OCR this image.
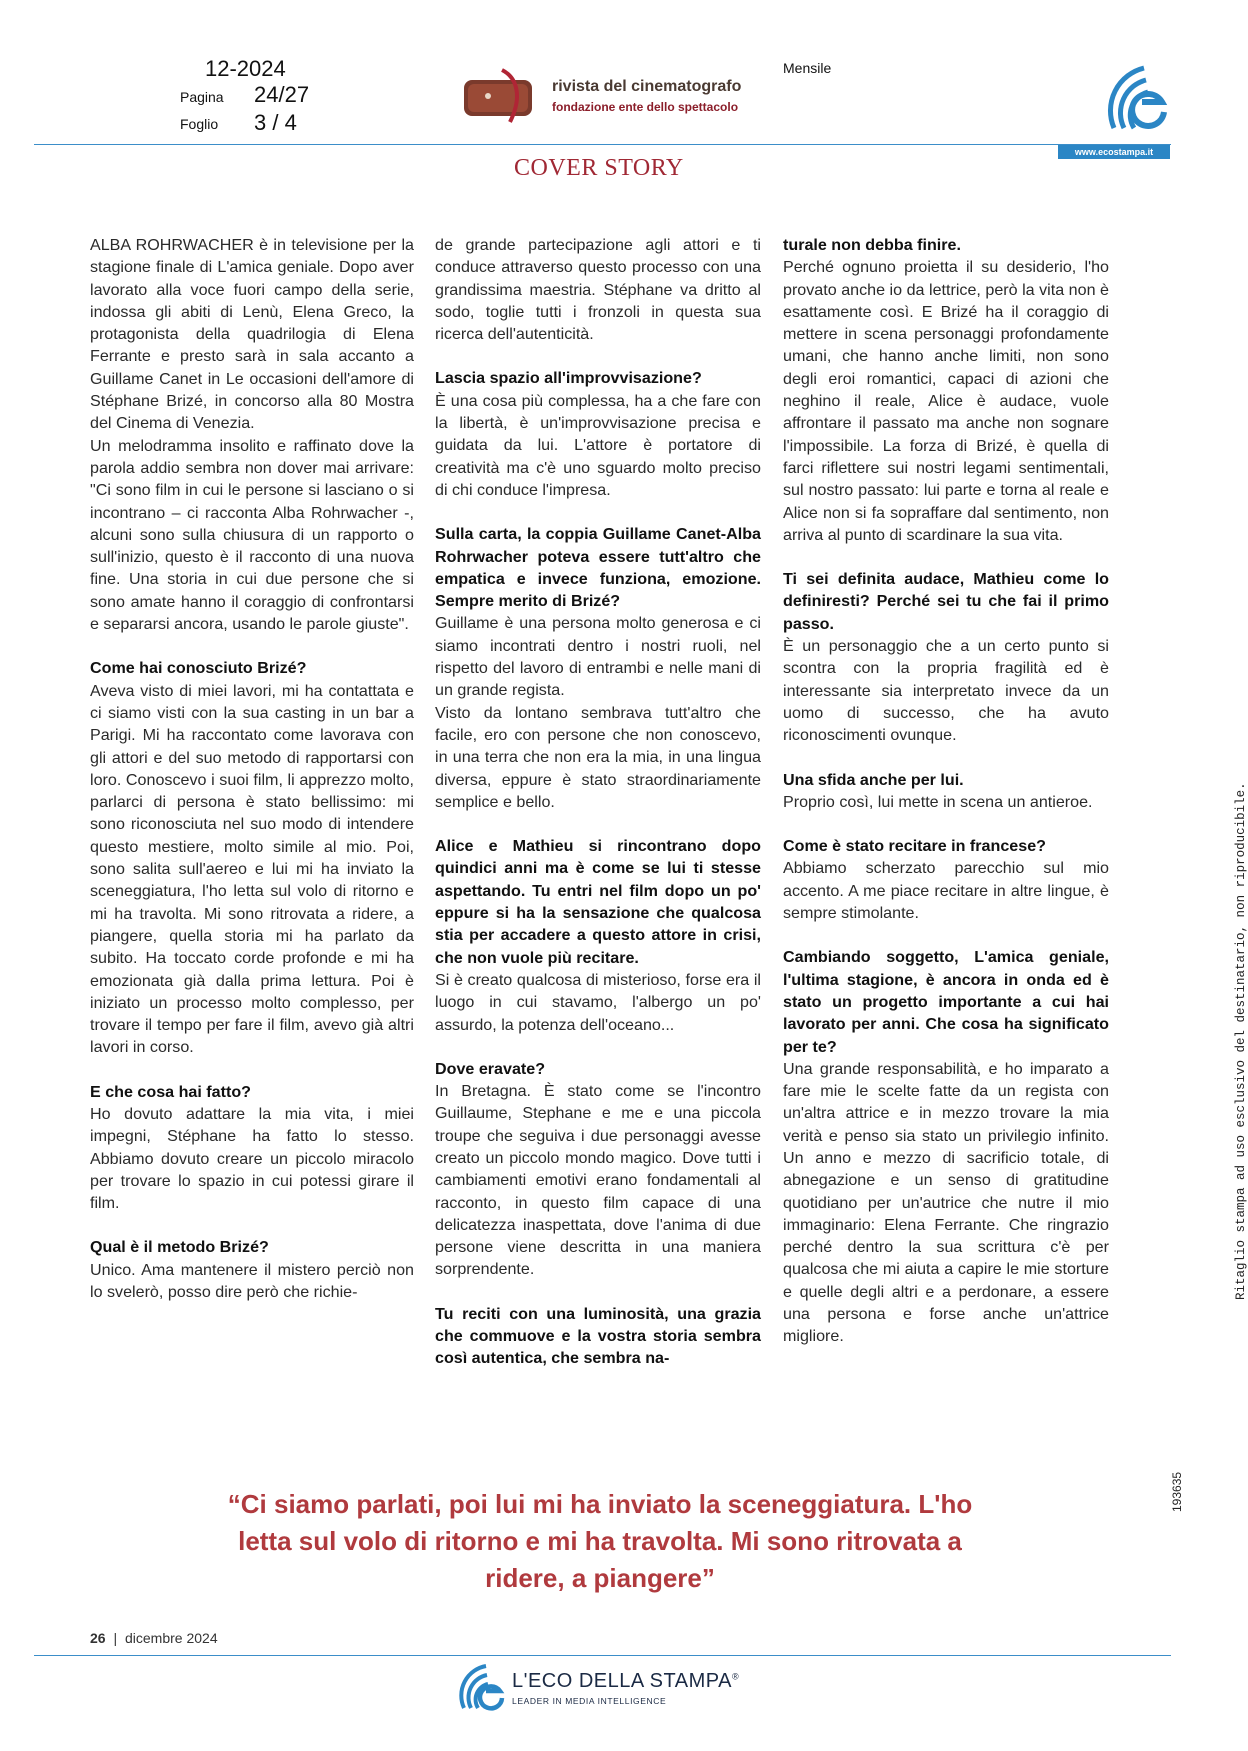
12-2024
Pagina 24/27
Foglio 3 / 4
rivista del cinematografo
fondazione ente dello spettacolo
Mensile
www.ecostampa.it
COVER STORY

ALBA ROHRWACHER è in televisione per la stagione finale di L'amica geniale. Dopo aver lavorato alla voce fuori campo della serie, indossa gli abiti di Lenù, Elena Greco, la protagonista della quadrilogia di Elena Ferrante e presto sarà in sala accanto a Guillame Canet in Le occasioni dell'amore di Stéphane Brizé, in concorso alla 80 Mostra del Cinema di Venezia.

Un melodramma insolito e raffinato dove la parola addio sembra non dover mai arrivare: "Ci sono film in cui le persone si lasciano o si incontrano – ci racconta Alba Rohrwacher -, alcuni sono sulla chiusura di un rapporto o sull'inizio, questo è il racconto di una nuova fine. Una storia in cui due persone che si sono amate hanno il coraggio di confrontarsi e separarsi ancora, usando le parole giuste".

Come hai conosciuto Brizé?

Aveva visto di miei lavori, mi ha contattata e ci siamo visti con la sua casting in un bar a Parigi. Mi ha raccontato come lavorava con gli attori e del suo metodo di rapportarsi con loro. Conoscevo i suoi film, li apprezzo molto, parlarci di persona è stato bellissimo: mi sono riconosciuta nel suo modo di intendere questo mestiere, molto simile al mio. Poi, sono salita sull'aereo e lui mi ha inviato la sceneggiatura, l'ho letta sul volo di ritorno e mi ha travolta. Mi sono ritrovata a ridere, a piangere, quella storia mi ha parlato da subito. Ha toccato corde profonde e mi ha emozionata già dalla prima lettura. Poi è iniziato un processo molto complesso, per trovare il tempo per fare il film, avevo già altri lavori in corso.

E che cosa hai fatto?

Ho dovuto adattare la mia vita, i miei impegni, Stéphane ha fatto lo stesso. Abbiamo dovuto creare un piccolo miracolo per trovare lo spazio in cui potessi girare il film.

Qual è il metodo Brizé?

Unico. Ama mantenere il mistero perciò non lo svelerò, posso dire però che richie-

de grande partecipazione agli attori e ti conduce attraverso questo processo con una grandissima maestria. Stéphane va dritto al sodo, toglie tutti i fronzoli in questa sua ricerca dell'autenticità.

Lascia spazio all'improvvisazione?

È una cosa più complessa, ha a che fare con la libertà, è un'improvvisazione precisa e guidata da lui. L'attore è portatore di creatività ma c'è uno sguardo molto preciso di chi conduce l'impresa.

Sulla carta, la coppia Guillame Canet-Alba Rohrwacher poteva essere tutt'altro che empatica e invece funziona, emozione. Sempre merito di Brizé?

Guillame è una persona molto generosa e ci siamo incontrati dentro i nostri ruoli, nel rispetto del lavoro di entrambi e nelle mani di un grande regista.

Visto da lontano sembrava tutt'altro che facile, ero con persone che non conoscevo, in una terra che non era la mia, in una lingua diversa, eppure è stato straordinariamente semplice e bello.

Alice e Mathieu si rincontrano dopo quindici anni ma è come se lui ti stesse aspettando. Tu entri nel film dopo un po' eppure si ha la sensazione che qualcosa stia per accadere a questo attore in crisi, che non vuole più recitare.

Si è creato qualcosa di misterioso, forse era il luogo in cui stavamo, l'albergo un po' assurdo, la potenza dell'oceano...

Dove eravate?

In Bretagna. È stato come se l'incontro Guillaume, Stephane e me e una piccola troupe che seguiva i due personaggi avesse creato un piccolo mondo magico. Dove tutti i cambiamenti emotivi erano fondamentali al racconto, in questo film capace di una delicatezza inaspettata, dove l'anima di due persone viene descritta in una maniera sorprendente.

Tu reciti con una luminosità, una grazia che commuove e la vostra storia sembra così autentica, che sembra na-

turale non debba finire.

Perché ognuno proietta il su desiderio, l'ho provato anche io da lettrice, però la vita non è esattamente così. E Brizé ha il coraggio di mettere in scena personaggi profondamente umani, che hanno anche limiti, non sono degli eroi romantici, capaci di azioni che neghino il reale, Alice è audace, vuole affrontare il passato ma anche non sognare l'impossibile. La forza di Brizé, è quella di farci riflettere sui nostri legami sentimentali, sul nostro passato: lui parte e torna al reale e Alice non si fa sopraffare dal sentimento, non arriva al punto di scardinare la sua vita.

Ti sei definita audace, Mathieu come lo definiresti? Perché sei tu che fai il primo passo.

È un personaggio che a un certo punto si scontra con la propria fragilità ed è interessante sia interpretato invece da un uomo di successo, che ha avuto riconoscimenti ovunque.

Una sfida anche per lui.

Proprio così, lui mette in scena un antieroe.

Come è stato recitare in francese?

Abbiamo scherzato parecchio sul mio accento. A me piace recitare in altre lingue, è sempre stimolante.

Cambiando soggetto, L'amica geniale, l'ultima stagione, è ancora in onda ed è stato un progetto importante a cui hai lavorato per anni. Che cosa ha significato per te?

Una grande responsabilità, e ho imparato a fare mie le scelte fatte da un regista con un'altra attrice e in mezzo trovare la mia verità e penso sia stato un privilegio infinito. Un anno e mezzo di sacrificio totale, di abnegazione e un senso di gratitudine quotidiano per un'autrice che nutre il mio immaginario: Elena Ferrante. Che ringrazio perché dentro la sua scrittura c'è per qualcosa che mi aiuta a capire le mie storture e quelle degli altri e a perdonare, a essere una persona e forse anche un'attrice migliore.

Ritaglio stampa ad uso esclusivo del destinatario, non riproducibile.
193635
“Ci siamo parlati, poi lui mi ha inviato la sceneggiatura. L'ho letta sul volo di ritorno e mi ha travolta. Mi sono ritrovata a ridere, a piangere”
26 | dicembre 2024
L'ECO DELLA STAMPA®
LEADER IN MEDIA INTELLIGENCE
